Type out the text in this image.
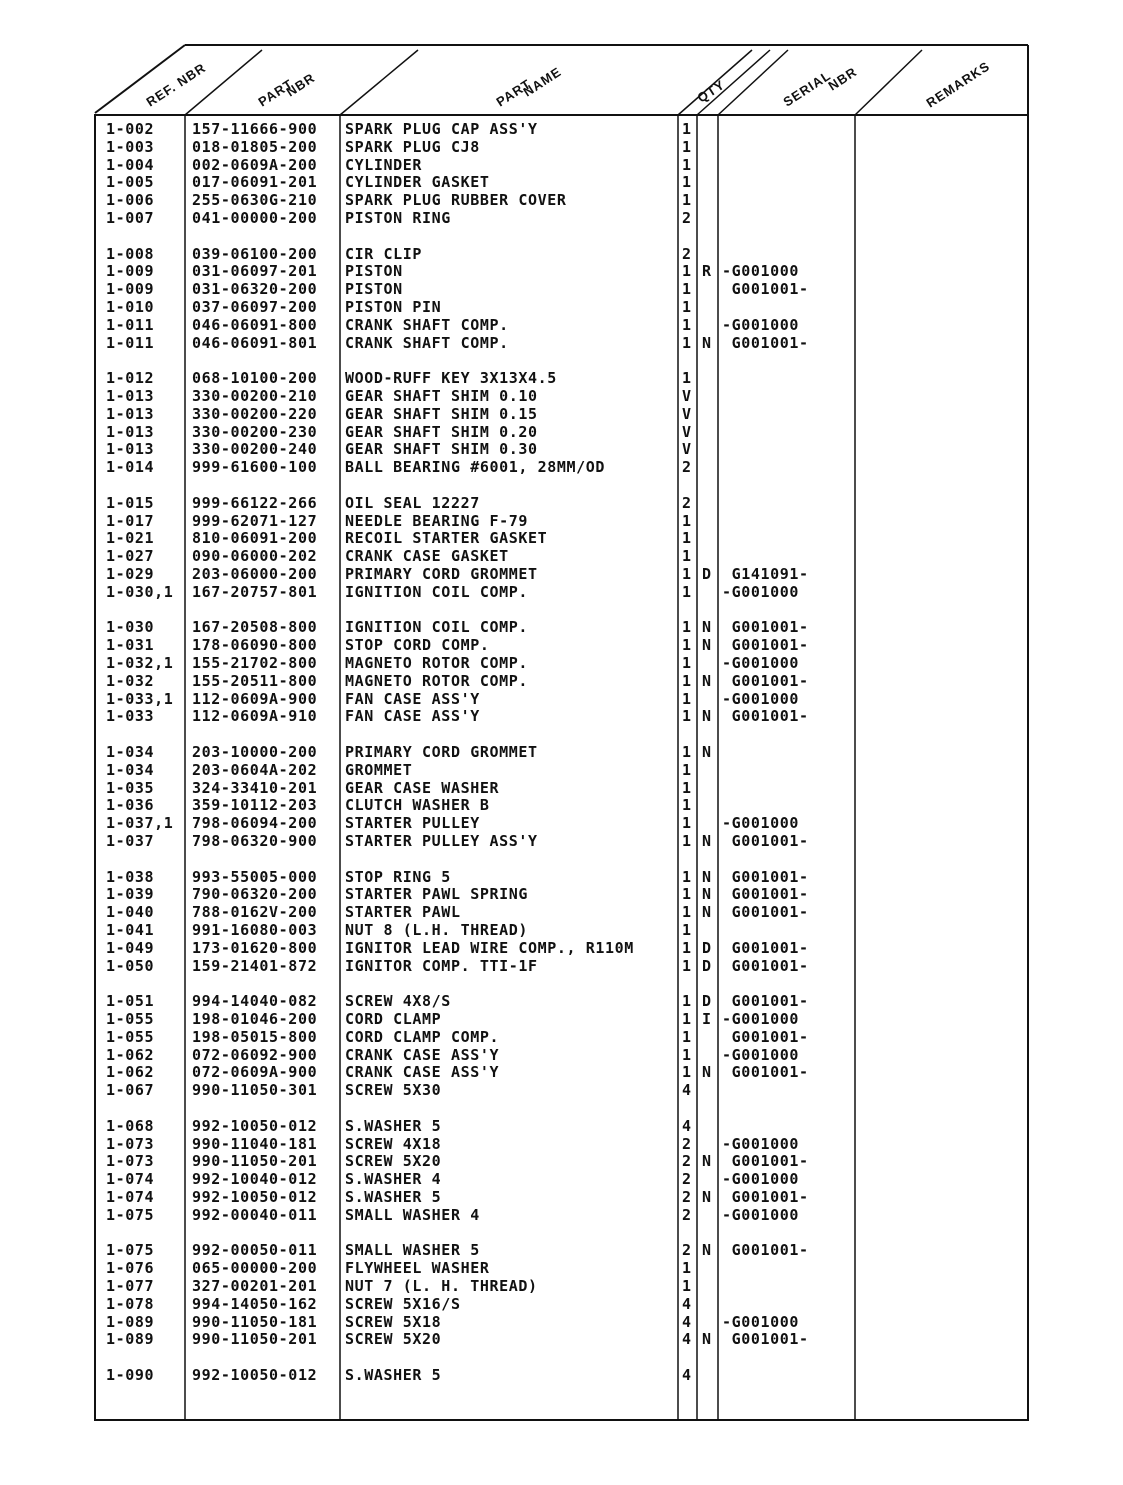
REF. NBR	PART
NBR	PART
NAME	QTY	SERIAL
NBR	REMARKS
1-002	157-11666-900 SPARK PLUG CAP ASS'Y	1
1-003	018-01805-200 SPARK PLUG CJ8	1
1-004	002-0609A-200 CYLINDER	1
1-005	017-06091-201 CYLINDER GASKET	1
1-006	255-0630G-210 SPARK PLUG RUBBER COVER	1
1-007	041-00000-200 PISTON RING	2
1-008	039-06100-200 CIR CLIP	2
1-009	031-06097-201 PISTON	1 R -G001000
1-009	031-06320-200 PISTON	1 G001001-
1-010	037-06097-200 PISTON PIN	1
1-011	046-06091-800 CRANK SHAFT COMP.	1 -G001000
1-011	046-06091-801 CRANK SHAFT COMP.	1 N G001001-
1-012	068-10100-200 WOOD-RUFF KEY 3X13X4.5	1
1-013	330-00200-210 GEAR SHAFT SHIM 0.10	V
1-013	330-00200-220 GEAR SHAFT SHIM 0.15	V
1-013	330-00200-230 GEAR SHAFT SHIM 0.20	V
1-013	330-00200-240 GEAR SHAFT SHIM 0.30	V
1-014	999-61600-100 BALL BEARING #6001, 28MM/OD	2
1-015	999-66122-266 OIL SEAL 12227	2
1-017	999-62071-127 NEEDLE BEARING F-79	1
1-021	810-06091-200 RECOIL STARTER GASKET	1
1-027	090-06000-202 CRANK CASE GASKET	1
1-029	203-06000-200 PRIMARY CORD GROMMET	1 D G141091-
1-030,1 167-20757-801 IGNITION COIL COMP.	1 -G001000
1-030	167-20508-800 IGNITION COIL COMP.	1 N G001001-
1-031	178-06090-800 STOP CORD COMP.	1 N G001001-
1-032,1 155-21702-800 MAGNETO ROTOR COMP.	1 -G001000
1-032	155-20511-800 MAGNETO ROTOR COMP.	1 N G001001-
1-033,1 112-0609A-900 FAN CASE ASS'Y	1 -G001000
1-033	112-0609A-910 FAN CASE ASS'Y	1 N G001001-
1-034	203-10000-200 PRIMARY CORD GROMMET	1 N
1-034	203-0604A-202 GROMMET	1
1-035	324-33410-201 GEAR CASE WASHER	1
1-036	359-10112-203 CLUTCH WASHER B	1
1-037,1 798-06094-200 STARTER PULLEY	1 -G001000
1-037	798-06320-900 STARTER PULLEY ASS'Y	1 N G001001-
1-038	993-55005-000 STOP RING 5	1 N G001001-
1-039	790-06320-200 STARTER PAWL SPRING	1 N G001001-
1-040	788-0162V-200 STARTER PAWL	1 N G001001-
1-041	991-16080-003 NUT 8 (L.H. THREAD)	1
1-049	173-01620-800 IGNITOR LEAD WIRE COMP., R110M	1 D G001001-
1-050	159-21401-872 IGNITOR COMP. TTI-1F	1 D G001001-
1-051	994-14040-082 SCREW 4X8/S	1 D G001001-
1-055	198-01046-200 CORD CLAMP	1 I -G001000
1-055	198-05015-800 CORD CLAMP COMP.	1 G001001-
1-062	072-06092-900 CRANK CASE ASS'Y	1 -G001000
1-062	072-0609A-900 CRANK CASE ASS'Y	1 N G001001-
1-067	990-11050-301 SCREW 5X30	4
1-068	992-10050-012 S.WASHER 5	4
1-073	990-11040-181 SCREW 4X18	2 -G001000
1-073	990-11050-201 SCREW 5X20	2 N G001001-
1-074	992-10040-012 S.WASHER 4	2 -G001000
1-074	992-10050-012 S.WASHER 5	2 N G001001-
1-075	992-00040-011 SMALL WASHER 4	2 -G001000
1-075	992-00050-011 SMALL WASHER 5	2 N G001001-
1-076	065-00000-200 FLYWHEEL WASHER	1
1-077	327-00201-201 NUT 7 (L. H. THREAD)	1
1-078	994-14050-162 SCREW 5X16/S	4
1-089	990-11050-181 SCREW 5X18	4 -G001000
1-089	990-11050-201 SCREW 5X20	4 N G001001-
1-090	992-10050-012 S.WASHER 5	4
